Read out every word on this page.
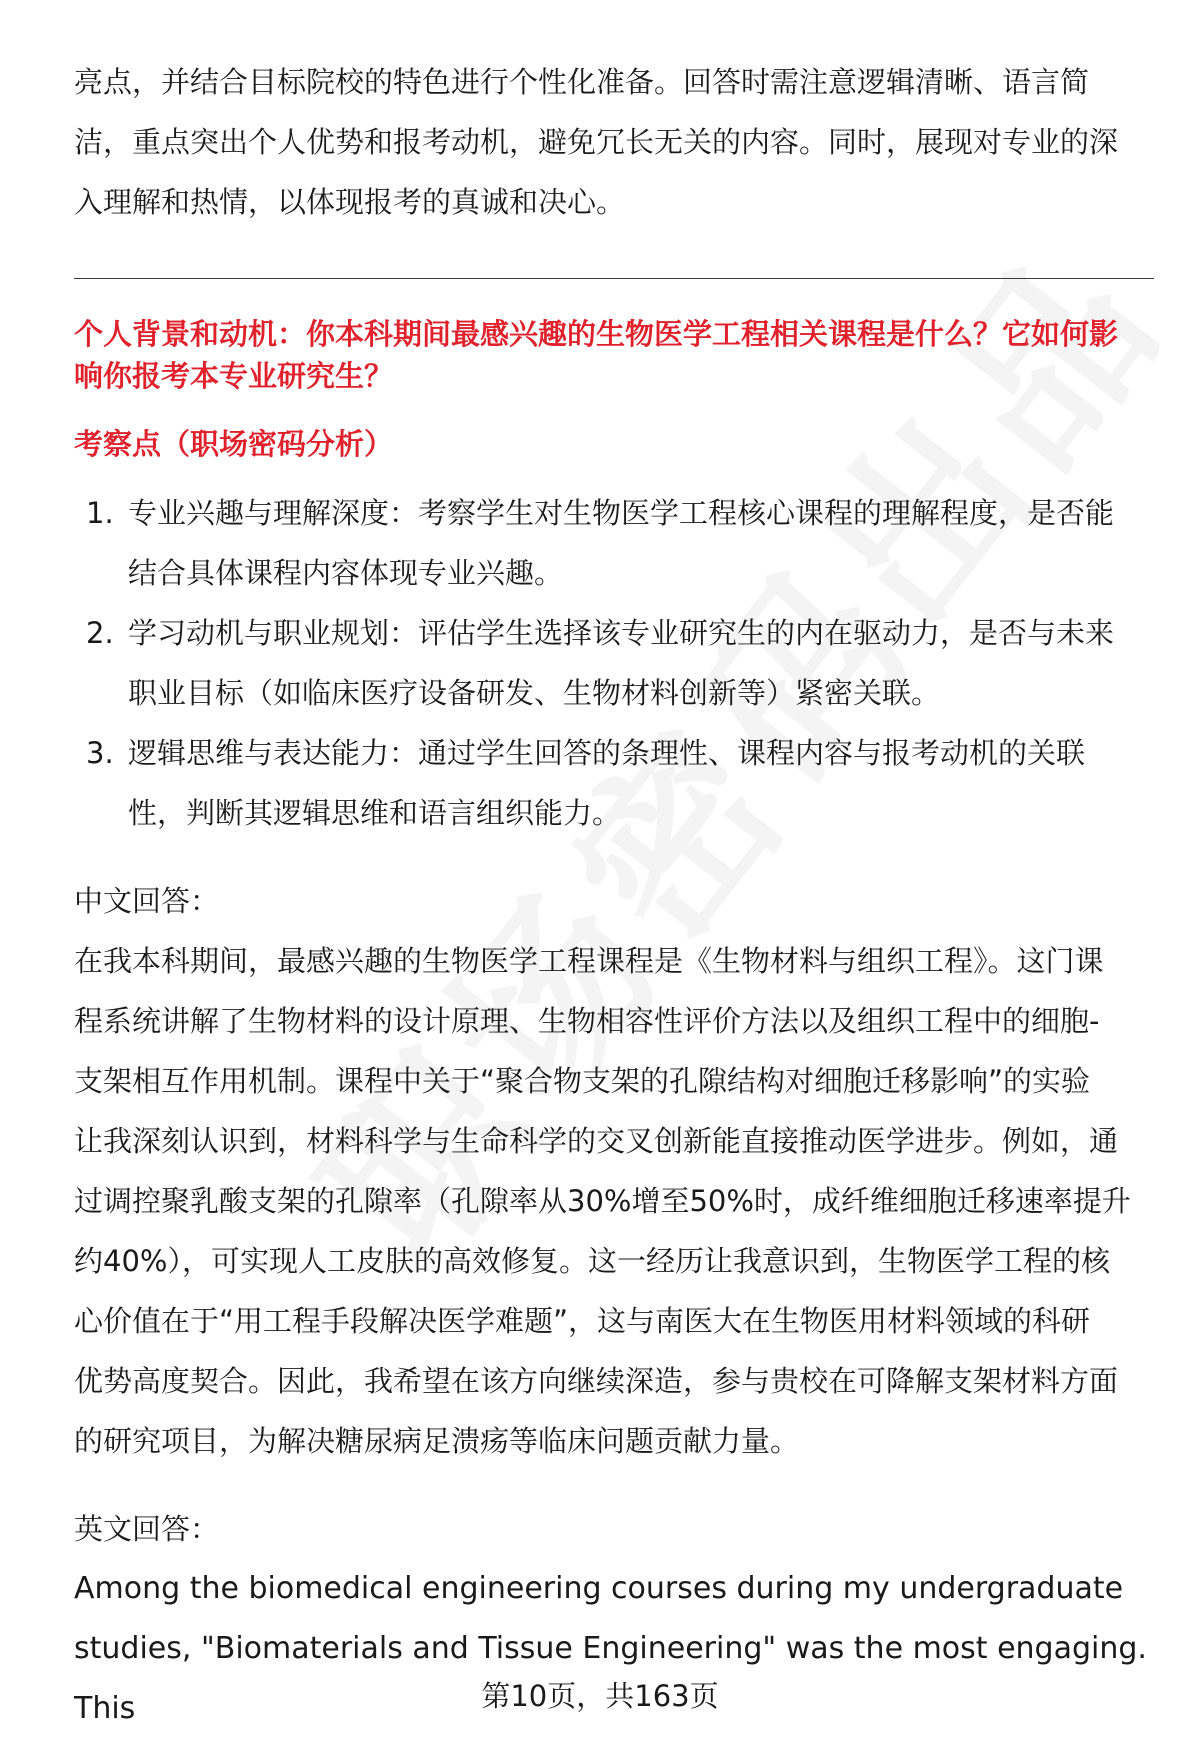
亮点，并结合目标院校的特色进行个性化准备。回答时需注意逻辑清晰、语言简

洁，重点突出个人优势和报考动机，避免冗长无关的内容。同时，展现对专业的深

入理解和热情，以体现报考的真诚和决心。

个人背景和动机：你本科期间最感兴趣的生物医学工程相关课程是什么？它如何影

响你报考本专业研究生？

考察点（职场密码分析）

1. 专业兴趣与理解深度：考察学生对生物医学工程核心课程的理解程度，是否能
结合具体课程内容体现专业兴趣。
2. 学习动机与职业规划：评估学生选择该专业研究生的内在驱动力，是否与未来
职业目标（如临床医疗设备研发、生物材料创新等）紧密关联。
3. 逻辑思维与表达能力：通过学生回答的条理性、课程内容与报考动机的关联
性，判断其逻辑思维和语言组织能力。

中文回答：

在我本科期间，最感兴趣的生物医学工程课程是《生物材料与组织工程》。这门课

程系统讲解了生物材料的设计原理、生物相容性评价方法以及组织工程中的细胞-

支架相互作用机制。课程中关于“聚合物支架的孔隙结构对细胞迁移影响”的实验

让我深刻认识到，材料科学与生命科学的交叉创新能直接推动医学进步。例如，通

过调控聚乳酸支架的孔隙率（孔隙率从30%增至50%时，成纤维细胞迁移速率提升

约40%），可实现人工皮肤的高效修复。这一经历让我意识到，生物医学工程的核

心价值在于“用工程手段解决医学难题”，这与南医大在生物医用材料领域的科研

优势高度契合。因此，我希望在该方向继续深造，参与贵校在可降解支架材料方面

的研究项目，为解决糖尿病足溃疡等临床问题贡献力量。

英文回答：

Among the biomedical engineering courses during my undergraduate

studies, "Biomaterials and Tissue Engineering" was the most engaging. This	第10页，共163页
